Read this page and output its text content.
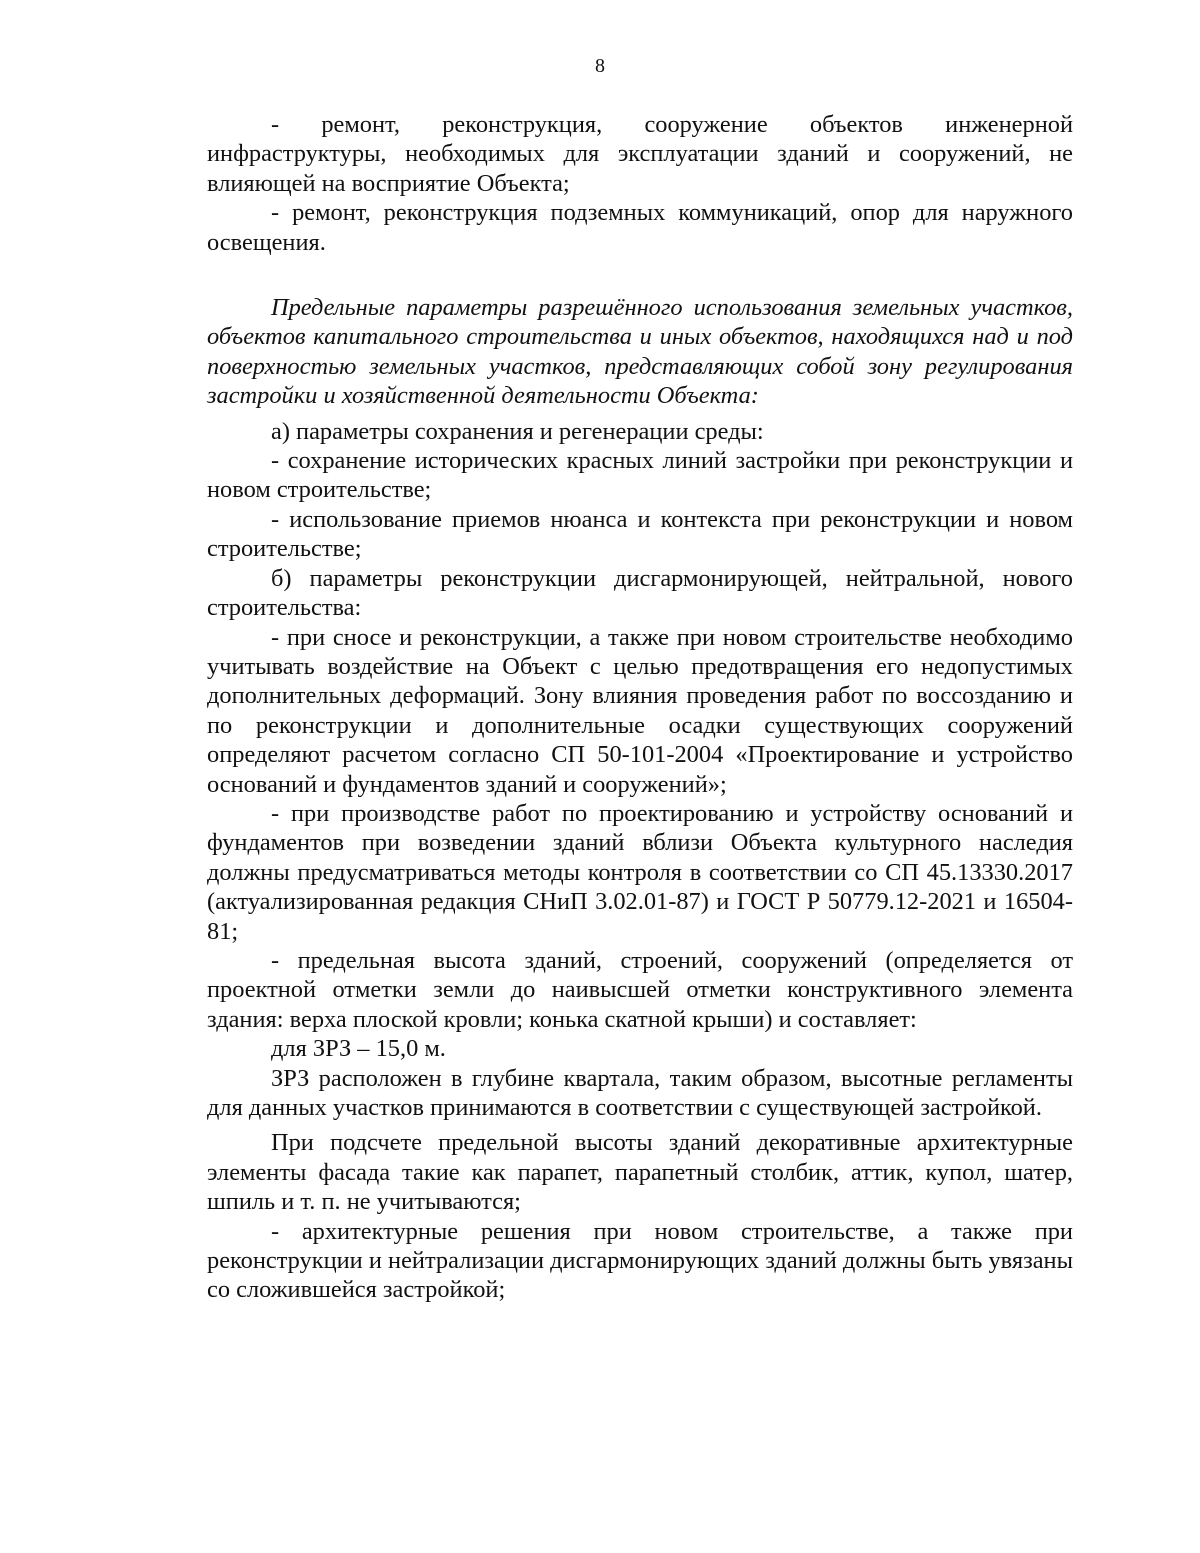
8

- ремонт, реконструкция, сооружение объектов инженерной инфраструктуры, необходимых для эксплуатации зданий и сооружений, не влияющей на восприятие Объекта;

- ремонт, реконструкция подземных коммуникаций, опор для наружного освещения.

Предельные параметры разрешённого использования земельных участков, объектов капитального строительства и иных объектов, находящихся над и под поверхностью земельных участков, представляющих собой зону регулирования застройки и хозяйственной деятельности Объекта:

а) параметры сохранения и регенерации среды:

- сохранение исторических красных линий застройки при реконструкции и новом строительстве;

- использование приемов нюанса и контекста при реконструкции и новом строительстве;

б) параметры реконструкции дисгармонирующей, нейтральной, нового строительства:

- при сносе и реконструкции, а также при новом строительстве необходимо учитывать воздействие на Объект с целью предотвращения его недопустимых дополнительных деформаций. Зону влияния проведения работ по воссозданию и по реконструкции и дополнительные осадки существующих сооружений определяют расчетом согласно СП 50-101-2004 «Проектирование и устройство оснований и фундаментов зданий и сооружений»;

- при производстве работ по проектированию и устройству оснований и фундаментов при возведении зданий вблизи Объекта культурного наследия должны предусматриваться методы контроля в соответствии со СП 45.13330.2017 (актуализированная редакция СНиП 3.02.01-87) и ГОСТ Р 50779.12-2021 и 16504-81;

- предельная высота зданий, строений, сооружений (определяется от проектной отметки земли до наивысшей отметки конструктивного элемента здания: верха плоской кровли; конька скатной крыши) и составляет:

для ЗРЗ – 15,0 м.

ЗРЗ расположен в глубине квартала, таким образом, высотные регламенты для данных участков принимаются в соответствии с существующей застройкой.

При подсчете предельной высоты зданий декоративные архитектурные элементы фасада такие как парапет, парапетный столбик, аттик, купол, шатер, шпиль и т. п. не учитываются;

- архитектурные решения при новом строительстве, а также при реконструкции и нейтрализации дисгармонирующих зданий должны быть увязаны со сложившейся застройкой;
